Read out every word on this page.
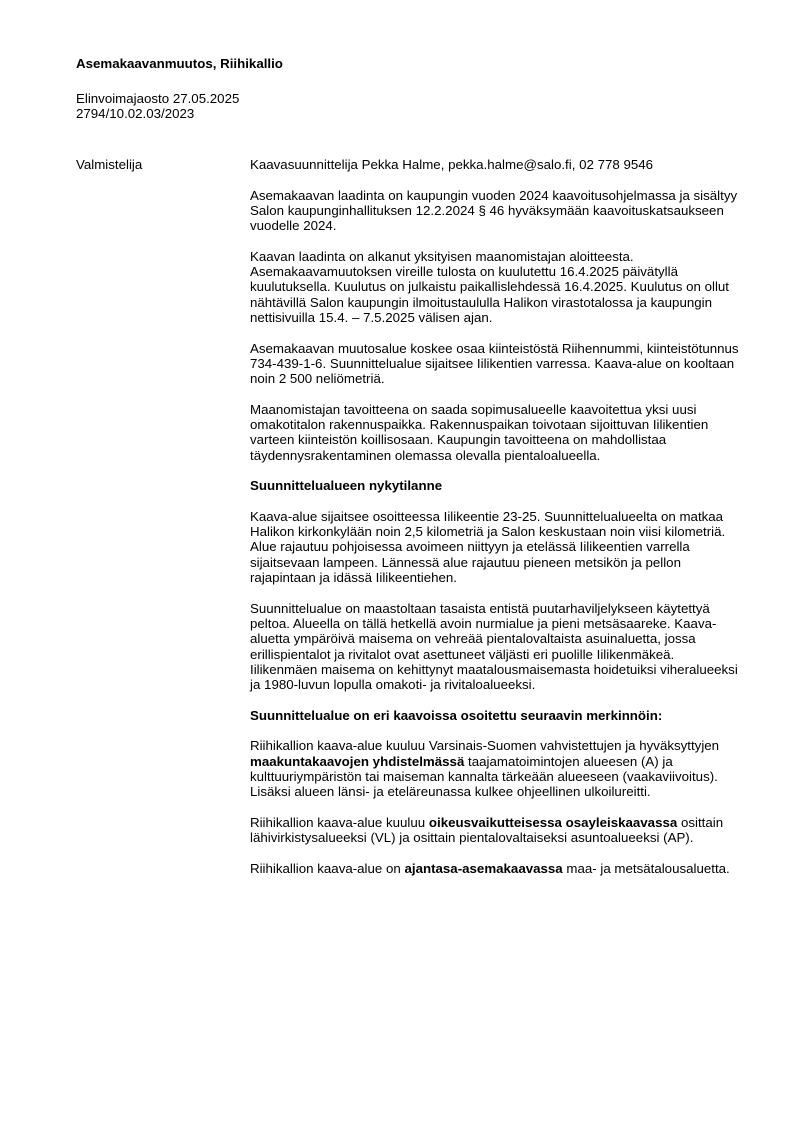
Asemakaavanmuutos, Riihikallio
Elinvoimajaosto 27.05.2025
2794/10.02.03/2023
Valmistelija	Kaavasuunnittelija Pekka Halme, pekka.halme@salo.fi, 02 778 9546

Asemakaavan laadinta on kaupungin vuoden 2024 kaavoitusohjelmassa ja sisältyy Salon kaupunginhallituksen 12.2.2024 § 46 hyväksymään kaavoituskatsaukseen vuodelle 2024.

Kaavan laadinta on alkanut yksityisen maanomistajan aloitteesta. Asemakaavamuutoksen vireille tulosta on kuulutettu 16.4.2025 päivätyllä kuulutuksella. Kuulutus on julkaistu paikallislehdessä 16.4.2025. Kuulutus on ollut nähtävillä Salon kaupungin ilmoitustaululla Halikon virastotalossa ja kaupungin nettisivuilla 15.4. – 7.5.2025 välisen ajan.

Asemakaavan muutosalue koskee osaa kiinteistöstä Riihennummi, kiinteistötunnus 734-439-1-6. Suunnittelualue sijaitsee Iilikentien varressa. Kaava-alue on kooltaan noin 2 500 neliömetriä.

Maanomistajan tavoitteena on saada sopimusalueelle kaavoitettua yksi uusi omakotitalon rakennuspaikka. Rakennuspaikan toivotaan sijoittuvan Iilikentien varteen kiinteistön koillisosaan. Kaupungin tavoitteena on mahdollistaa täydennysrakentaminen olemassa olevalla pientaloalueella.

Suunnittelualueen nykytilanne

Kaava-alue sijaitsee osoitteessa Iilikeentie 23-25. Suunnittelualueelta on matkaa Halikon kirkonkylään noin 2,5 kilometriä ja Salon keskustaan noin viisi kilometriä. Alue rajautuu pohjoisessa avoimeen niittyyn ja etelässä Iilikeentien varrella sijaitsevaan lampeen. Lännessä alue rajautuu pieneen metsikön ja pellon rajapintaan ja idässä Iilikeentiehen.

Suunnittelualue on maastoltaan tasaista entistä puutarhaviljelykseen käytettyä peltoa. Alueella on tällä hetkellä avoin nurmialue ja pieni metsäsaareke. Kaava-aluetta ympäröivä maisema on vehreää pientalovaltaista asuinaluetta, jossa erillispientalot ja rivitalot ovat asettuneet väljästi eri puolille Iilikenmäkeä. Iilikenmäen maisema on kehittynyt maatalousmaisemasta hoidetuiksi viheralueeksi ja 1980-luvun lopulla omakoti- ja rivitaloalueeksi.

Suunnittelualue on eri kaavoissa osoitettu seuraavin merkinnöin:

Riihikallion kaava-alue kuuluu Varsinais-Suomen vahvistettujen ja hyväksyttyjen maakuntakaavojen yhdistelmässä taajamatoimintojen alueesen (A) ja kulttuuriympäristön tai maiseman kannalta tärkeään alueeseen (vaakaviivoitus). Lisäksi alueen länsi- ja eteläreunassa kulkee ohjeellinen ulkoilureitti.

Riihikallion kaava-alue kuuluu oikeusvaikutteisessa osayleiskaavassa osittain lähivirkistysalueeksi (VL) ja osittain pientalovaltaiseksi asuntoalueeksi (AP).

Riihikallion kaava-alue on ajantasa-asemakaavassa maa- ja metsätalousaluetta.
